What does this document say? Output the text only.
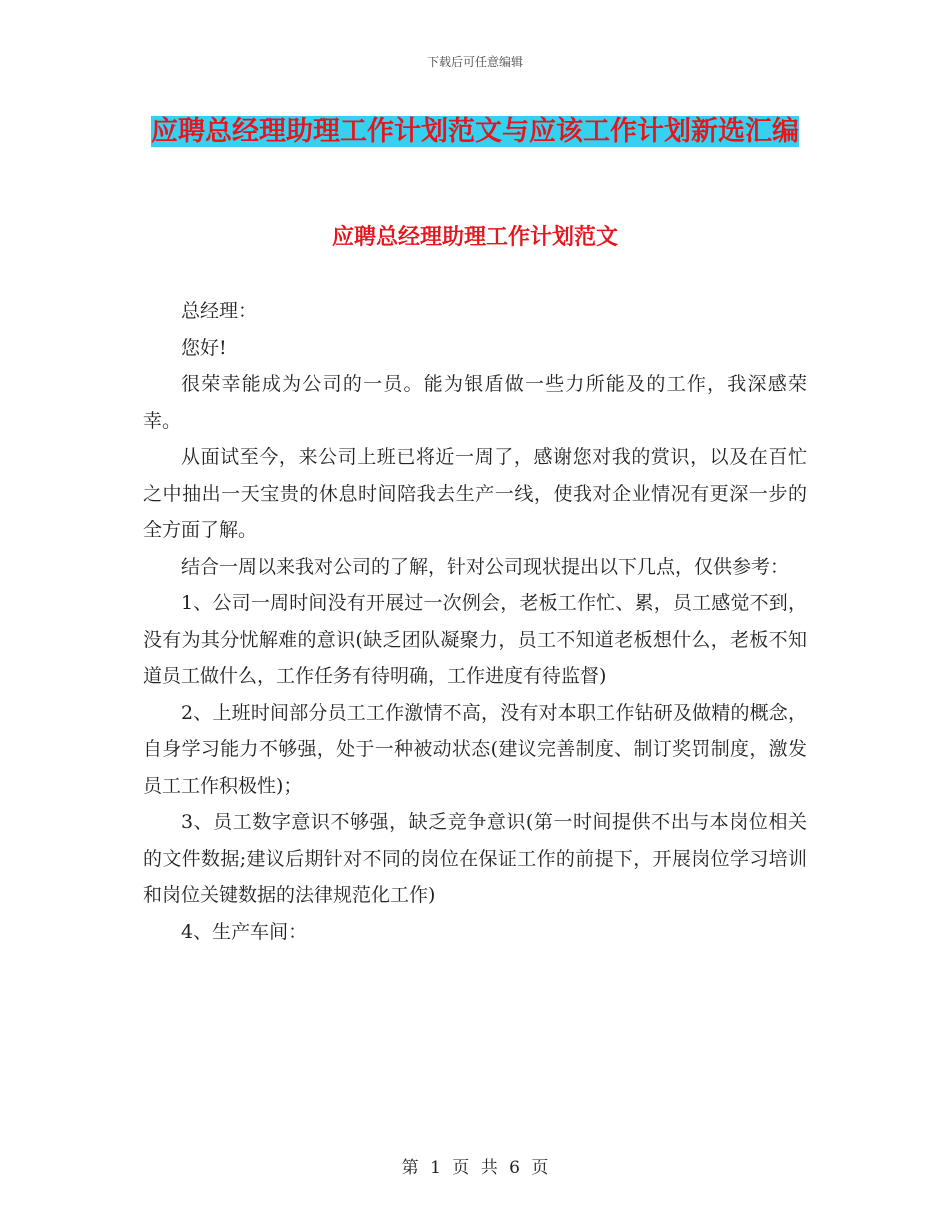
下载后可任意编辑
应聘总经理助理工作计划范文与应该工作计划新选汇编
应聘总经理助理工作计划范文

总经理：

您好!

很荣幸能成为公司的一员。能为银盾做一些力所能及的工作，我深感荣幸。

从面试至今，来公司上班已将近一周了，感谢您对我的赏识，以及在百忙之中抽出一天宝贵的休息时间陪我去生产一线，使我对企业情况有更深一步的全方面了解。

结合一周以来我对公司的了解，针对公司现状提出以下几点，仅供参考：

1、公司一周时间没有开展过一次例会，老板工作忙、累，员工感觉不到，没有为其分忧解难的意识(缺乏团队凝聚力，员工不知道老板想什么，老板不知道员工做什么，工作任务有待明确，工作进度有待监督)

2、上班时间部分员工工作激情不高，没有对本职工作钻研及做精的概念，自身学习能力不够强，处于一种被动状态(建议完善制度、制订奖罚制度，激发员工工作积极性)；

3、员工数字意识不够强，缺乏竞争意识(第一时间提供不出与本岗位相关的文件数据;建议后期针对不同的岗位在保证工作的前提下，开展岗位学习培训和岗位关键数据的法律规范化工作)

4、生产车间：

第 1 页 共 6 页
